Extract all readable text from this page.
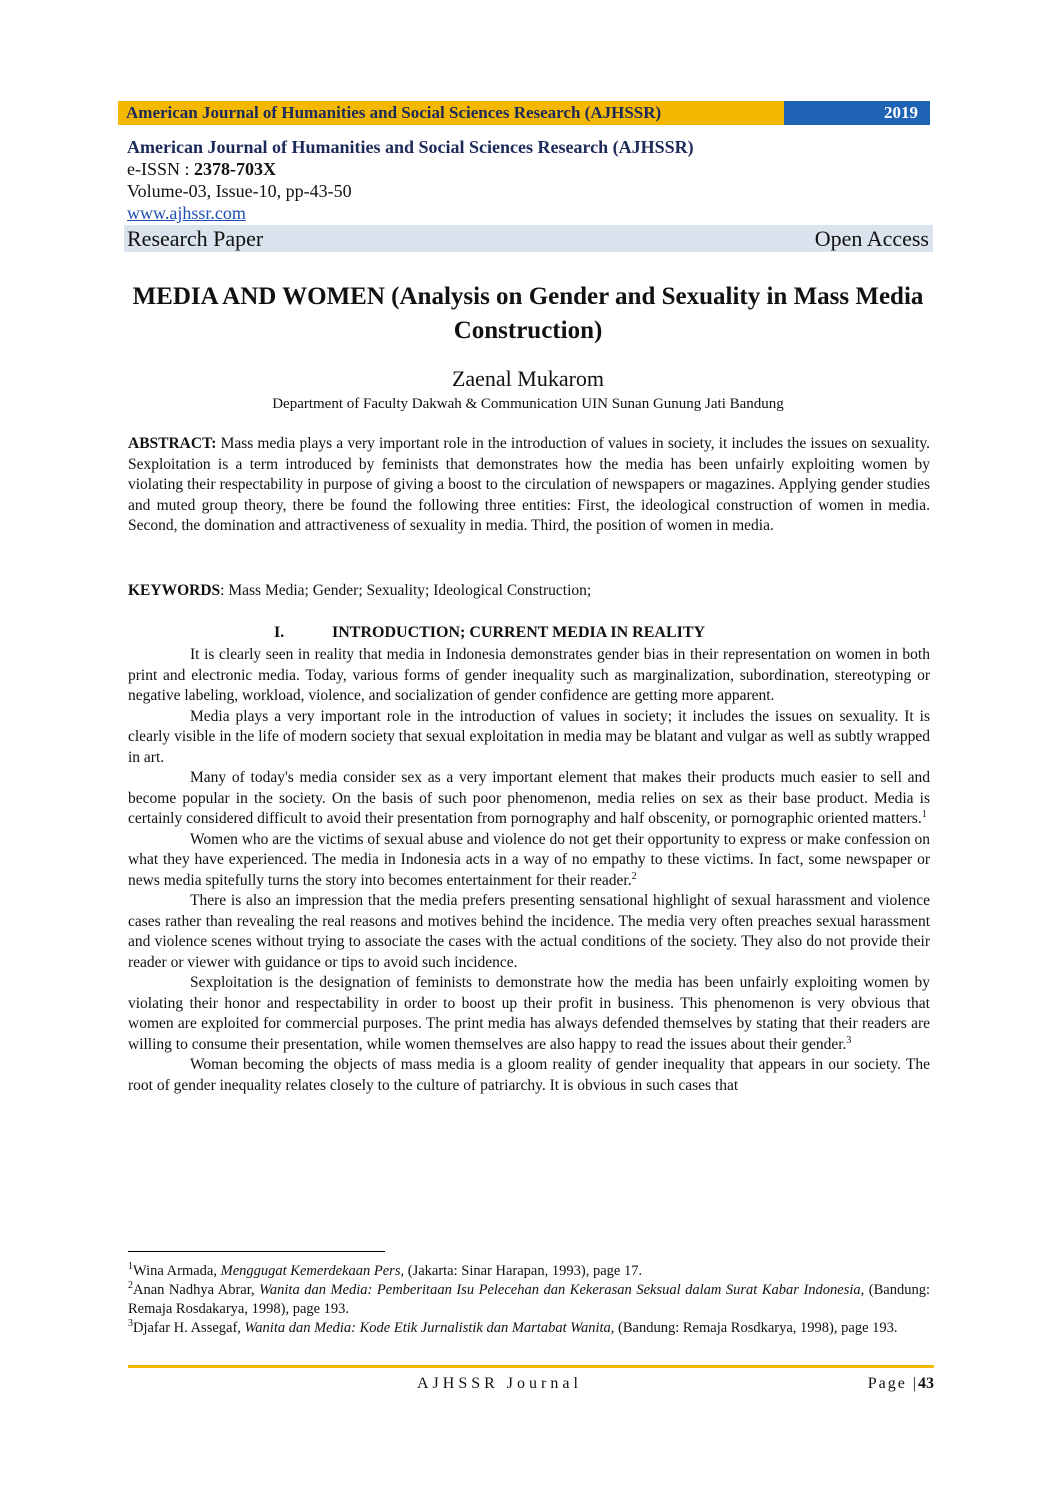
American Journal of Humanities and Social Sciences Research (AJHSSR)	2019
American Journal of Humanities and Social Sciences Research (AJHSSR)
e-ISSN : 2378-703X
Volume-03, Issue-10, pp-43-50
www.ajhssr.com
Research Paper	Open Access
MEDIA AND WOMEN (Analysis on Gender and Sexuality in Mass Media Construction)
Zaenal Mukarom
Department of Faculty Dakwah & Communication UIN Sunan Gunung Jati Bandung
ABSTRACT: Mass media plays a very important role in the introduction of values in society, it includes the issues on sexuality. Sexploitation is a term introduced by feminists that demonstrates how the media has been unfairly exploiting women by violating their respectability in purpose of giving a boost to the circulation of newspapers or magazines. Applying gender studies and muted group theory, there be found the following three entities: First, the ideological construction of women in media. Second, the domination and attractiveness of sexuality in media. Third, the position of women in media.
KEYWORDS: Mass Media; Gender; Sexuality; Ideological Construction;
I.	INTRODUCTION; CURRENT MEDIA IN REALITY

It is clearly seen in reality that media in Indonesia demonstrates gender bias in their representation on women in both print and electronic media. Today, various forms of gender inequality such as marginalization, subordination, stereotyping or negative labeling, workload, violence, and socialization of gender confidence are getting more apparent.

Media plays a very important role in the introduction of values in society; it includes the issues on sexuality. It is clearly visible in the life of modern society that sexual exploitation in media may be blatant and vulgar as well as subtly wrapped in art.

Many of today's media consider sex as a very important element that makes their products much easier to sell and become popular in the society. On the basis of such poor phenomenon, media relies on sex as their base product. Media is certainly considered difficult to avoid their presentation from pornography and half obscenity, or pornographic oriented matters.$^1$

Women who are the victims of sexual abuse and violence do not get their opportunity to express or make confession on what they have experienced. The media in Indonesia acts in a way of no empathy to these victims. In fact, some newspaper or news media spitefully turns the story into becomes entertainment for their reader.$^2$

There is also an impression that the media prefers presenting sensational highlight of sexual harassment and violence cases rather than revealing the real reasons and motives behind the incidence. The media very often preaches sexual harassment and violence scenes without trying to associate the cases with the actual conditions of the society. They also do not provide their reader or viewer with guidance or tips to avoid such incidence.

Sexploitation is the designation of feminists to demonstrate how the media has been unfairly exploiting women by violating their honor and respectability in order to boost up their profit in business. This phenomenon is very obvious that women are exploited for commercial purposes. The print media has always defended themselves by stating that their readers are willing to consume their presentation, while women themselves are also happy to read the issues about their gender.$^3$

Woman becoming the objects of mass media is a gloom reality of gender inequality that appears in our society. The root of gender inequality relates closely to the culture of patriarchy. It is obvious in such cases that

$^1$Wina Armada, Menggugat Kemerdekaan Pers, (Jakarta: Sinar Harapan, 1993), page 17.

$^2$Anan Nadhya Abrar, Wanita dan Media: Pemberitaan Isu Pelecehan dan Kekerasan Seksual dalam Surat Kabar Indonesia, (Bandung: Remaja Rosdakarya, 1998), page 193.

$^3$Djafar H. Assegaf, Wanita dan Media: Kode Etik Jurnalistik dan Martabat Wanita, (Bandung: Remaja Rosdkarya, 1998), page 193.

AJHSSR Journal	Page |43
